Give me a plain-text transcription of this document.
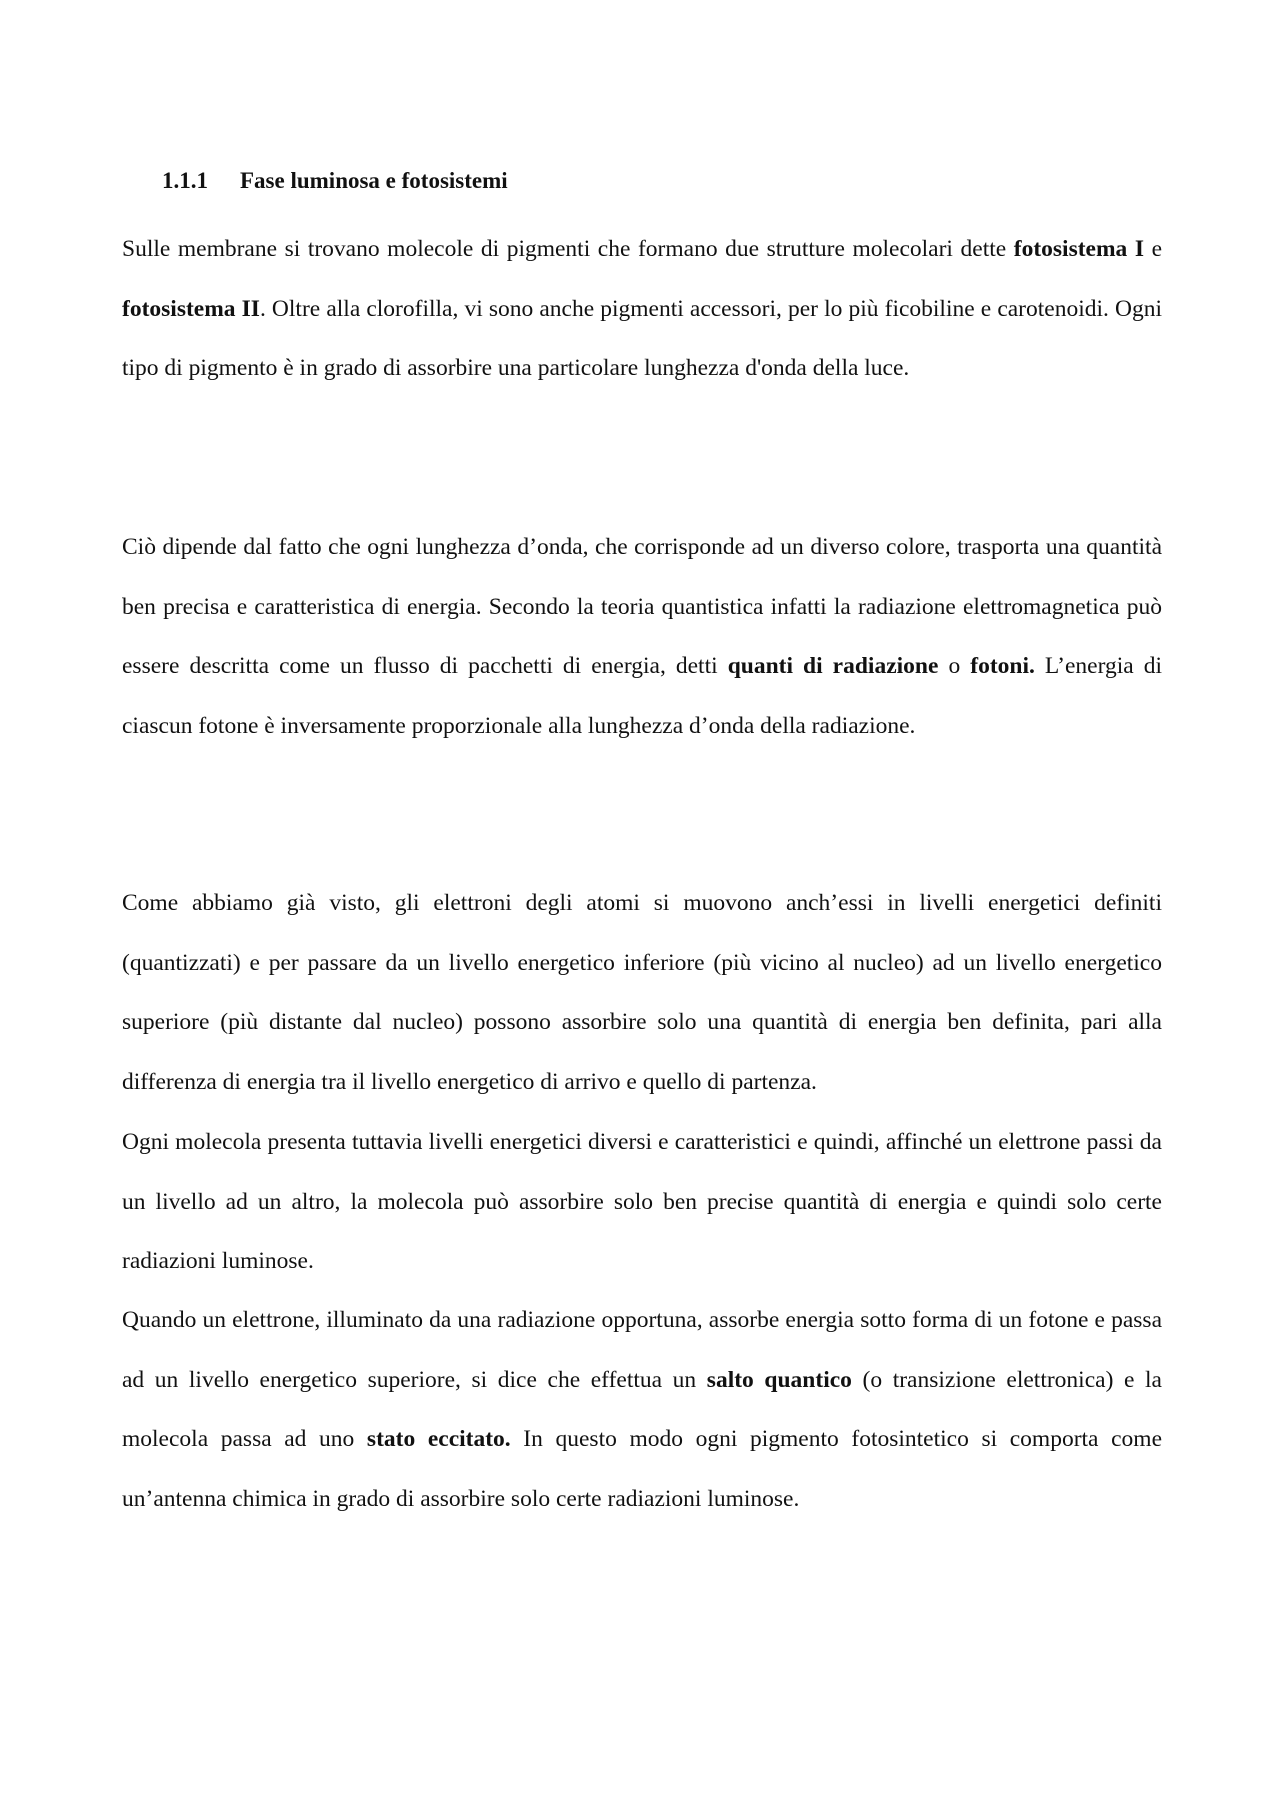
1.1.1 Fase luminosa e fotosistemi

Sulle membrane si trovano molecole di pigmenti che formano due strutture molecolari dette fotosistema I e fotosistema II. Oltre alla clorofilla, vi sono anche pigmenti accessori, per lo più ficobiline e carotenoidi. Ogni tipo di pigmento è in grado di assorbire una particolare lunghezza d'onda della luce.

Ciò dipende dal fatto che ogni lunghezza d’onda, che corrisponde ad un diverso colore, trasporta una quantità ben precisa e caratteristica di energia. Secondo la teoria quantistica infatti la radiazione elettromagnetica può essere descritta come un flusso di pacchetti di energia, detti quanti di radiazione o fotoni. L’energia di ciascun fotone è inversamente proporzionale alla lunghezza d’onda della radiazione.

Come abbiamo già visto, gli elettroni degli atomi si muovono anch’essi in livelli energetici definiti (quantizzati) e per passare da un livello energetico inferiore (più vicino al nucleo) ad un livello energetico superiore (più distante dal nucleo) possono assorbire solo una quantità di energia ben definita, pari alla differenza di energia tra il livello energetico di arrivo e quello di partenza.

Ogni molecola presenta tuttavia livelli energetici diversi e caratteristici e quindi, affinché un elettrone passi da un livello ad un altro, la molecola può assorbire solo ben precise quantità di energia e quindi solo certe radiazioni luminose.

Quando un elettrone, illuminato da una radiazione opportuna, assorbe energia sotto forma di un fotone e passa ad un livello energetico superiore, si dice che effettua un salto quantico (o transizione elettronica) e la molecola passa ad uno stato eccitato. In questo modo ogni pigmento fotosintetico si comporta come un’antenna chimica in grado di assorbire solo certe radiazioni luminose.
